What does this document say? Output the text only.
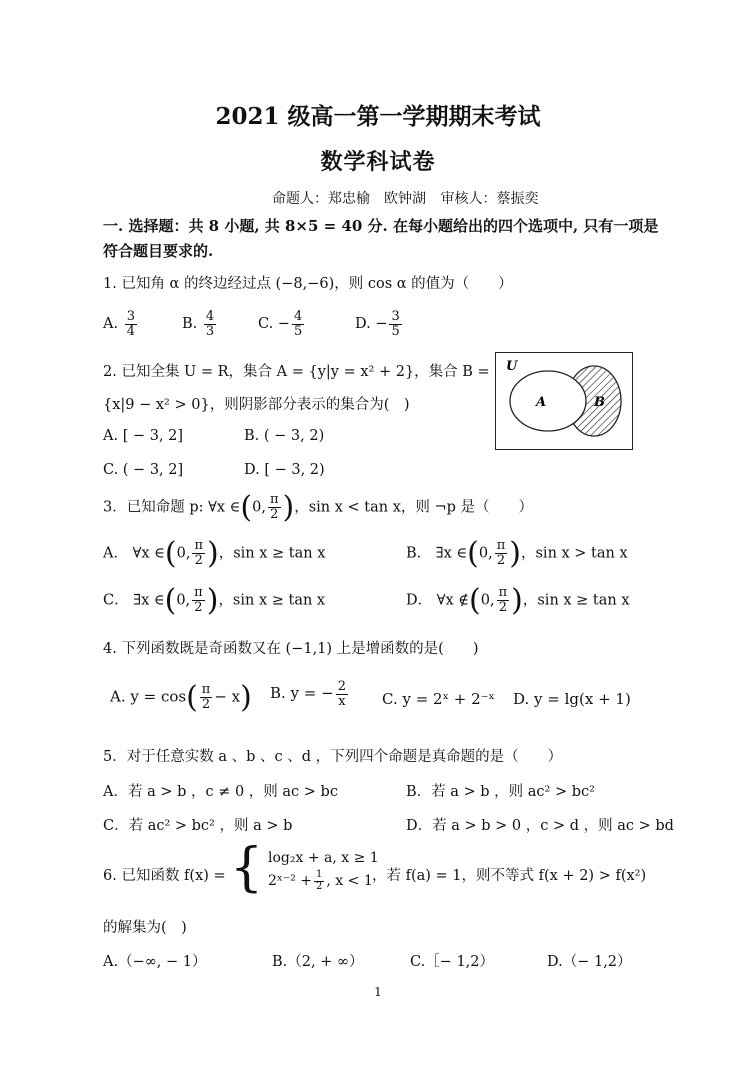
2021 级高一第一学期期末考试
数学科试卷
命题人：郑忠榆　欧钟湖 审核人：蔡振奕
一. 选择题：共 8 小题, 共 8×5 = 40 分. 在每小题给出的四个选项中, 只有一项是符合题目要求的.
1. 已知角 α 的终边经过点 (−8,−6)，则 cos α 的值为（　　）
A. $\frac{3}{4}$	B. $\frac{4}{3}$	C. − $\frac{4}{5}$	D. − $\frac{3}{5}$
2. 已知全集 U = R，集合 A = {y|y = x² + 2}，集合 B =
{x|9 − x² > 0}，则阴影部分表示的集合为(　)
A. [ − 3, 2]	B. ( − 3, 2)
C. ( − 3, 2]	D. [ − 3, 2)
U
A	B
3．已知命题 p: ∀x ∈(0, $\frac{\pi}{2}$ )，sin x < tan x，则 ¬p 是（　　）
A． ∀x ∈(0, $\frac{\pi}{2}$ )，sin x ≥ tan x	B． ∃x ∈(0, $\frac{\pi}{2}$ )，sin x > tan x
C． ∃x ∈(0, $\frac{\pi}{2}$ )，sin x ≥ tan x	D． ∀x ∉(0, $\frac{\pi}{2}$ )，sin x ≥ tan x
4. 下列函数既是奇函数又在 (−1,1) 上是增函数的是(　　)
A. $y = \cos( \frac{\pi}{2} - x)$ B. y = − $\frac{2}{x} C$. y = 2ˣ + 2⁻ˣ D. y = lg(x + 1)
5．对于任意实数 a 、b 、c 、d ，下列四个命题是真命题的是（　　）
A．若 a > b ，c ≠ 0 ，则 ac > bc	B．若 a > b ，则 ac² > bc²
C．若 ac² > bc² ，则 a > b	D．若 a > b > 0 ，c > d ，则 ac > bd
6. 已知函数 f(x) = { log₂x + a, x ≥ 1
2ˣ⁻² + $\frac{1}{2}$ , x < 1 ，若 f(a) = 1，则不等式 f(x + 2) > f(x²)
的解集为(　)
A.（−∞, − 1）	B.（2, + ∞）	C.［− 1,2）	D.（− 1,2）
1
